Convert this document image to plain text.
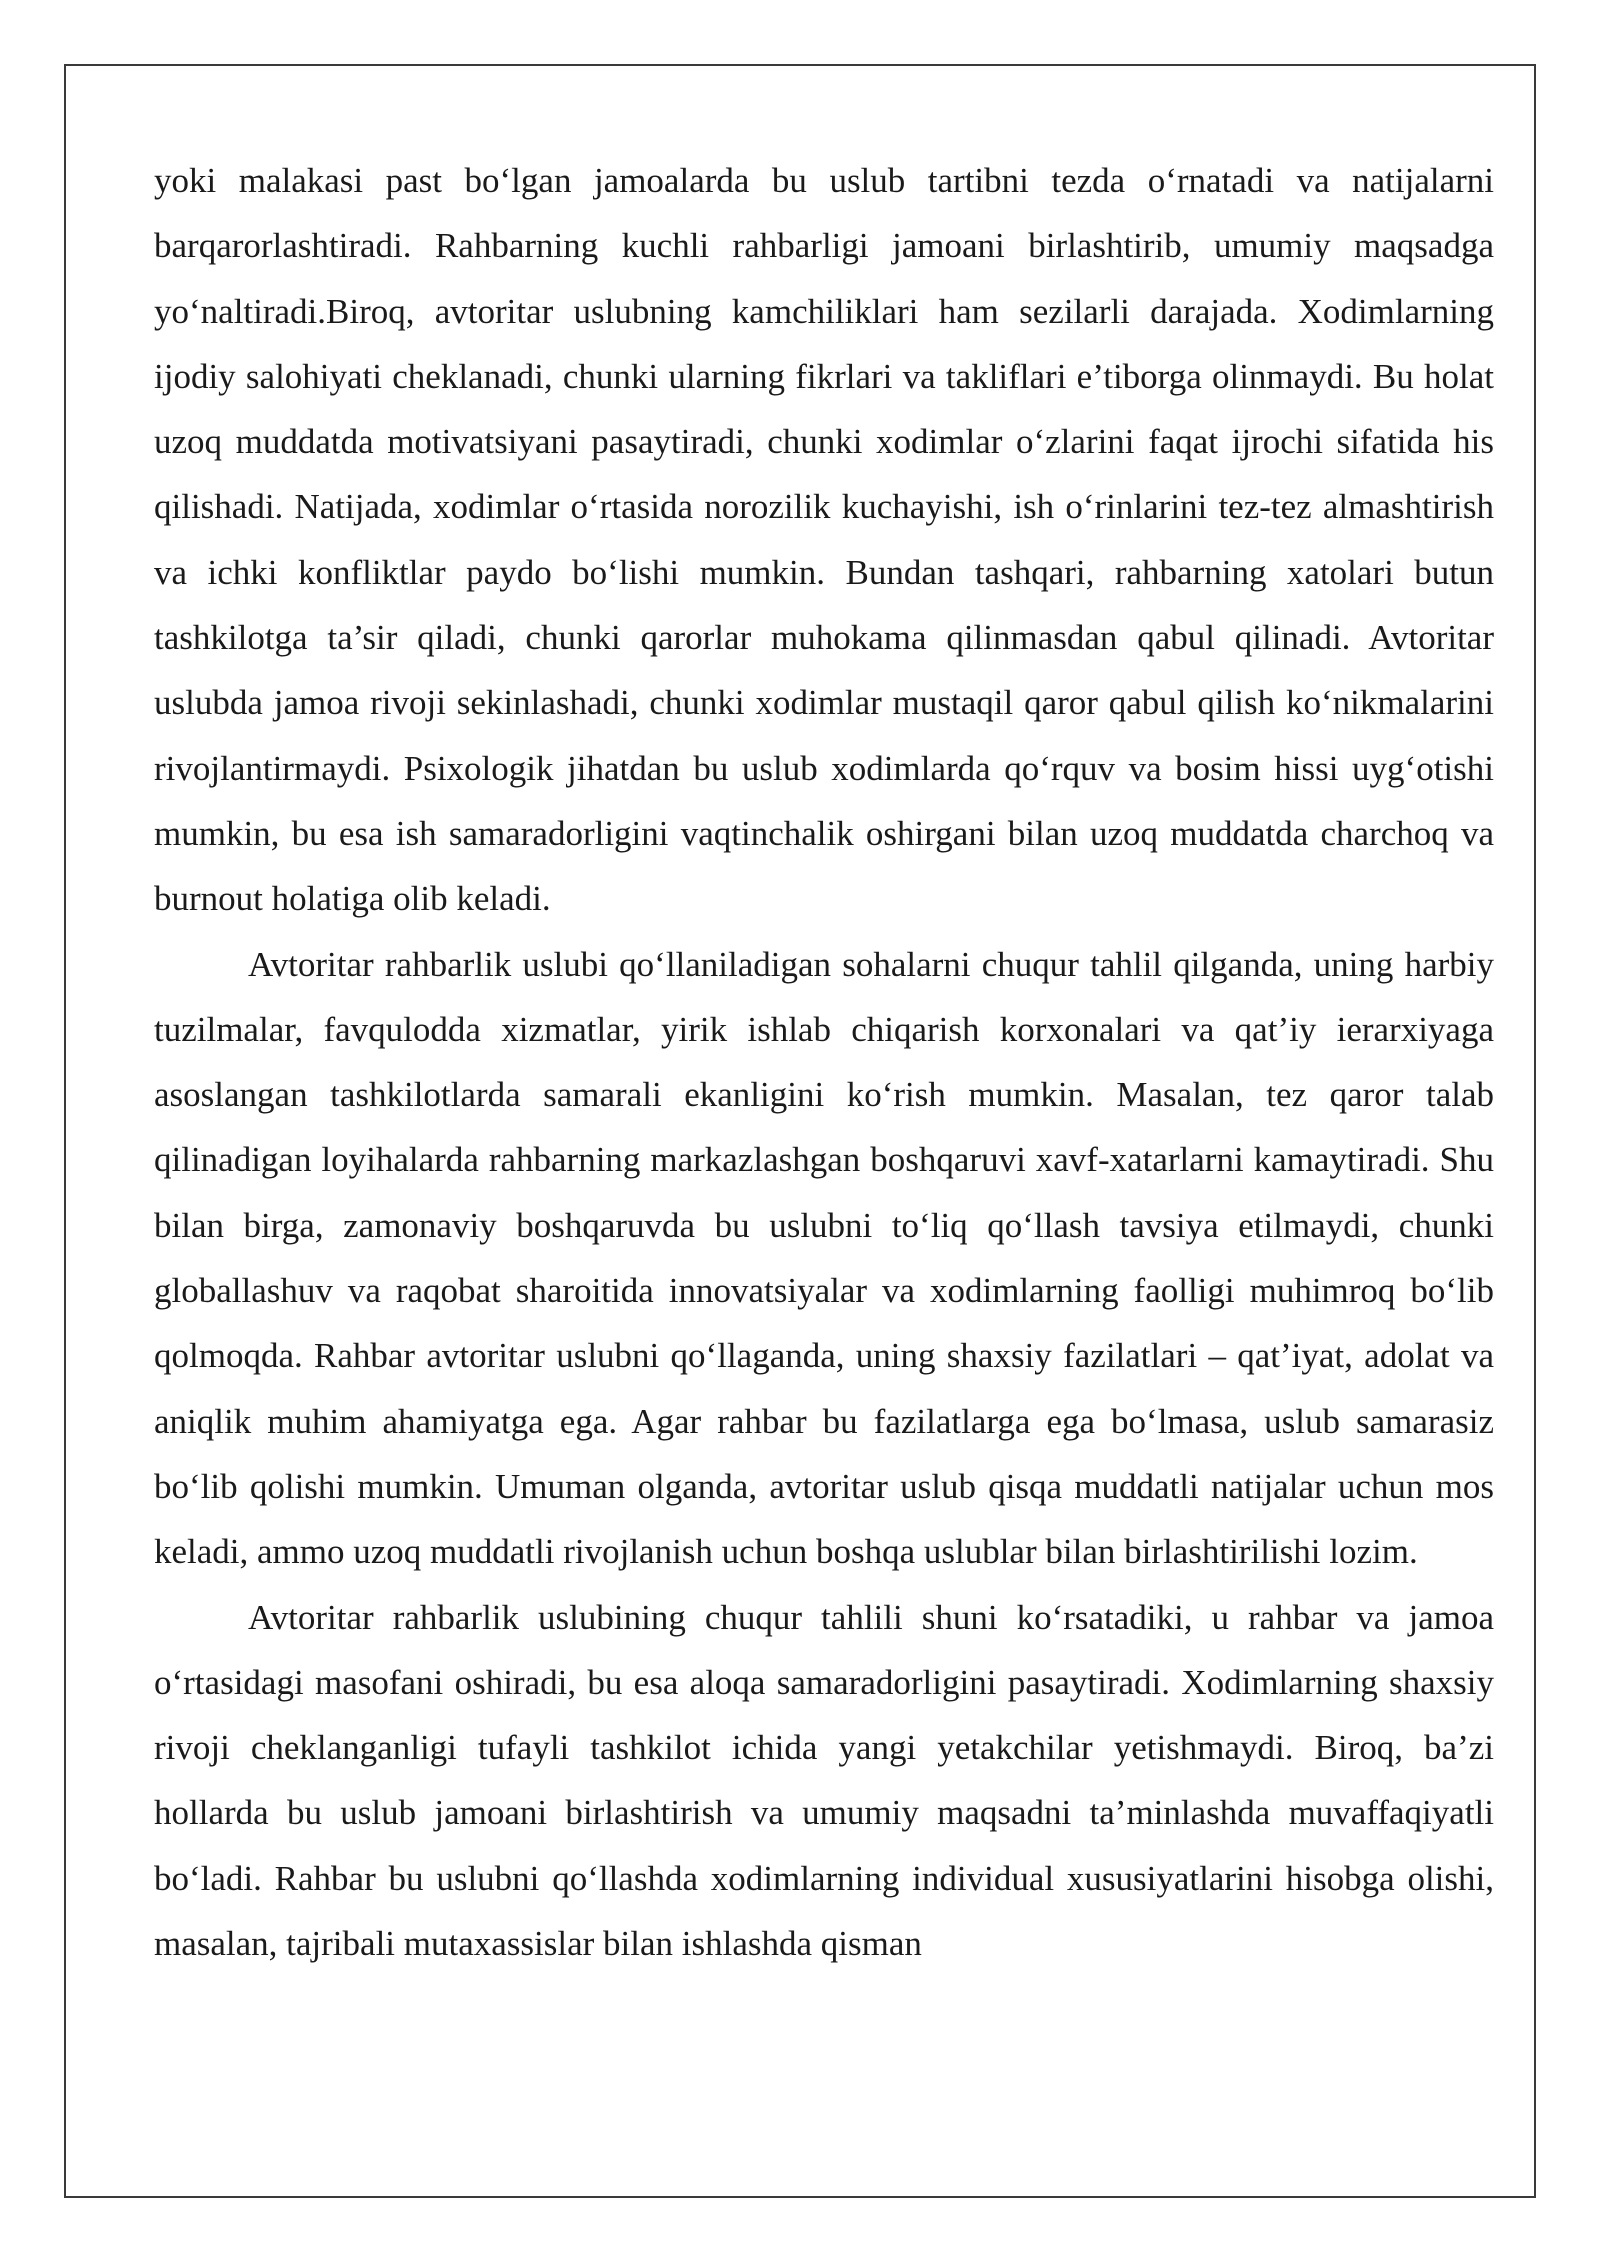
yoki malakasi past boʻlgan jamoalarda bu uslub tartibni tezda oʻrnatadi va natijalarni barqarorlashtiradi. Rahbarning kuchli rahbarligi jamoani birlashtirib, umumiy maqsadga yoʻnaltiradi.Biroq, avtoritar uslubning kamchiliklari ham sezilarli darajada. Xodimlarning ijodiy salohiyati cheklanadi, chunki ularning fikrlari va takliflari e’tiborga olinmaydi. Bu holat uzoq muddatda motivatsiyani pasaytiradi, chunki xodimlar oʻzlarini faqat ijrochi sifatida his qilishadi. Natijada, xodimlar oʻrtasida norozilik kuchayishi, ish oʻrinlarini tez-tez almashtirish va ichki konfliktlar paydo boʻlishi mumkin. Bundan tashqari, rahbarning xatolari butun tashkilotga ta’sir qiladi, chunki qarorlar muhokama qilinmasdan qabul qilinadi. Avtoritar uslubda jamoa rivoji sekinlashadi, chunki xodimlar mustaqil qaror qabul qilish koʻnikmalarini rivojlantirmaydi. Psixologik jihatdan bu uslub xodimlarda qoʻrquv va bosim hissi uygʻotishi mumkin, bu esa ish samaradorligini vaqtinchalik oshirgani bilan uzoq muddatda charchoq va burnout holatiga olib keladi.

Avtoritar rahbarlik uslubi qoʻllaniladigan sohalarni chuqur tahlil qilganda, uning harbiy tuzilmalar, favqulodda xizmatlar, yirik ishlab chiqarish korxonalari va qat’iy ierarxiyaga asoslangan tashkilotlarda samarali ekanligini koʻrish mumkin. Masalan, tez qaror talab qilinadigan loyihalarda rahbarning markazlashgan boshqaruvi xavf-xatarlarni kamaytiradi. Shu bilan birga, zamonaviy boshqaruvda bu uslubni toʻliq qoʻllash tavsiya etilmaydi, chunki globallashuv va raqobat sharoitida innovatsiyalar va xodimlarning faolligi muhimroq boʻlib qolmoqda. Rahbar avtoritar uslubni qoʻllaganda, uning shaxsiy fazilatlari – qat’iyat, adolat va aniqlik muhim ahamiyatga ega. Agar rahbar bu fazilatlarga ega boʻlmasa, uslub samarasiz boʻlib qolishi mumkin. Umuman olganda, avtoritar uslub qisqa muddatli natijalar uchun mos keladi, ammo uzoq muddatli rivojlanish uchun boshqa uslublar bilan birlashtirilishi lozim.

Avtoritar rahbarlik uslubining chuqur tahlili shuni koʻrsatadiki, u rahbar va jamoa oʻrtasidagi masofani oshiradi, bu esa aloqa samaradorligini pasaytiradi. Xodimlarning shaxsiy rivoji cheklanganligi tufayli tashkilot ichida yangi yetakchilar yetishmaydi. Biroq, ba’zi hollarda bu uslub jamoani birlashtirish va umumiy maqsadni ta’minlashda muvaffaqiyatli boʻladi. Rahbar bu uslubni qoʻllashda xodimlarning individual xususiyatlarini hisobga olishi, masalan, tajribali mutaxassislar bilan ishlashda qisman
